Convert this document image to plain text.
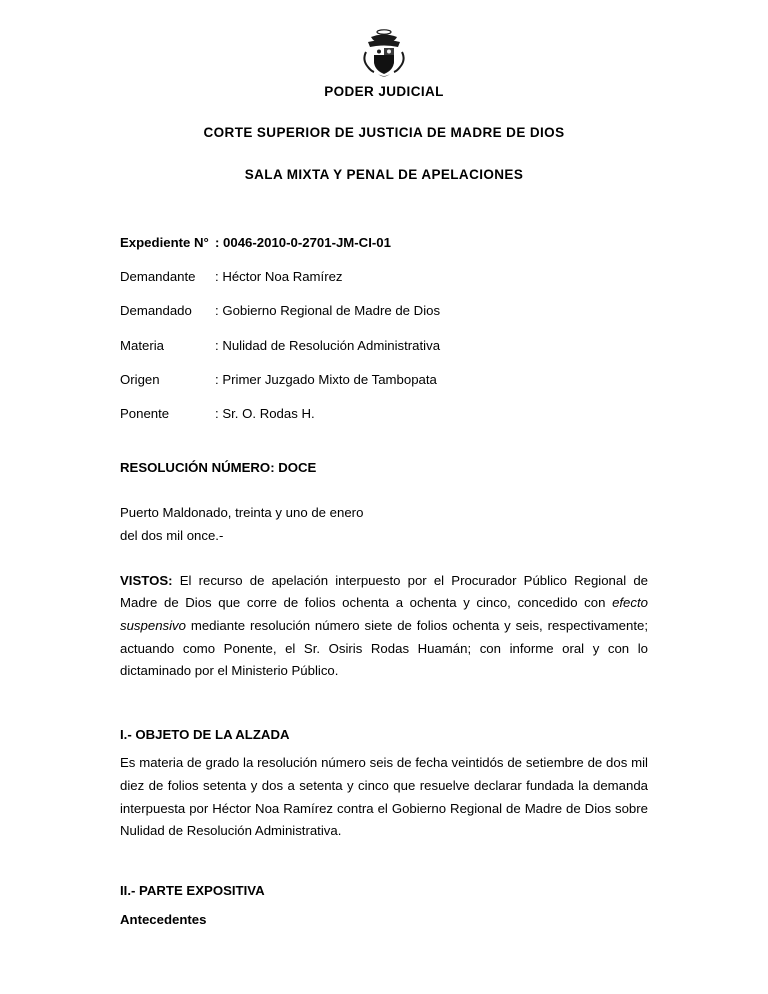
PODER JUDICIAL
CORTE SUPERIOR DE JUSTICIA DE MADRE DE DIOS
SALA MIXTA Y PENAL DE APELACIONES
Expediente N° : 0046-2010-0-2701-JM-CI-01
Demandante	: Héctor Noa Ramírez
Demandado	: Gobierno Regional de Madre de Dios
Materia	: Nulidad de Resolución Administrativa
Origen	: Primer Juzgado Mixto de Tambopata
Ponente	: Sr. O. Rodas H.
RESOLUCIÓN NÚMERO: DOCE
Puerto Maldonado, treinta y uno de enero
del dos mil once.-
VISTOS: El recurso de apelación interpuesto por el Procurador Público Regional de Madre de Dios que corre de folios ochenta a ochenta y cinco, concedido con efecto suspensivo mediante resolución número siete de folios ochenta y seis, respectivamente; actuando como Ponente, el Sr. Osiris Rodas Huamán; con informe oral y con lo dictaminado por el Ministerio Público.
I.- OBJETO DE LA ALZADA
Es materia de grado la resolución número seis de fecha veintidós de setiembre de dos mil diez de folios setenta y dos a setenta y cinco que resuelve declarar fundada la demanda interpuesta por Héctor Noa Ramírez contra el Gobierno Regional de Madre de Dios sobre Nulidad de Resolución Administrativa.
II.- PARTE EXPOSITIVA
Antecedentes
